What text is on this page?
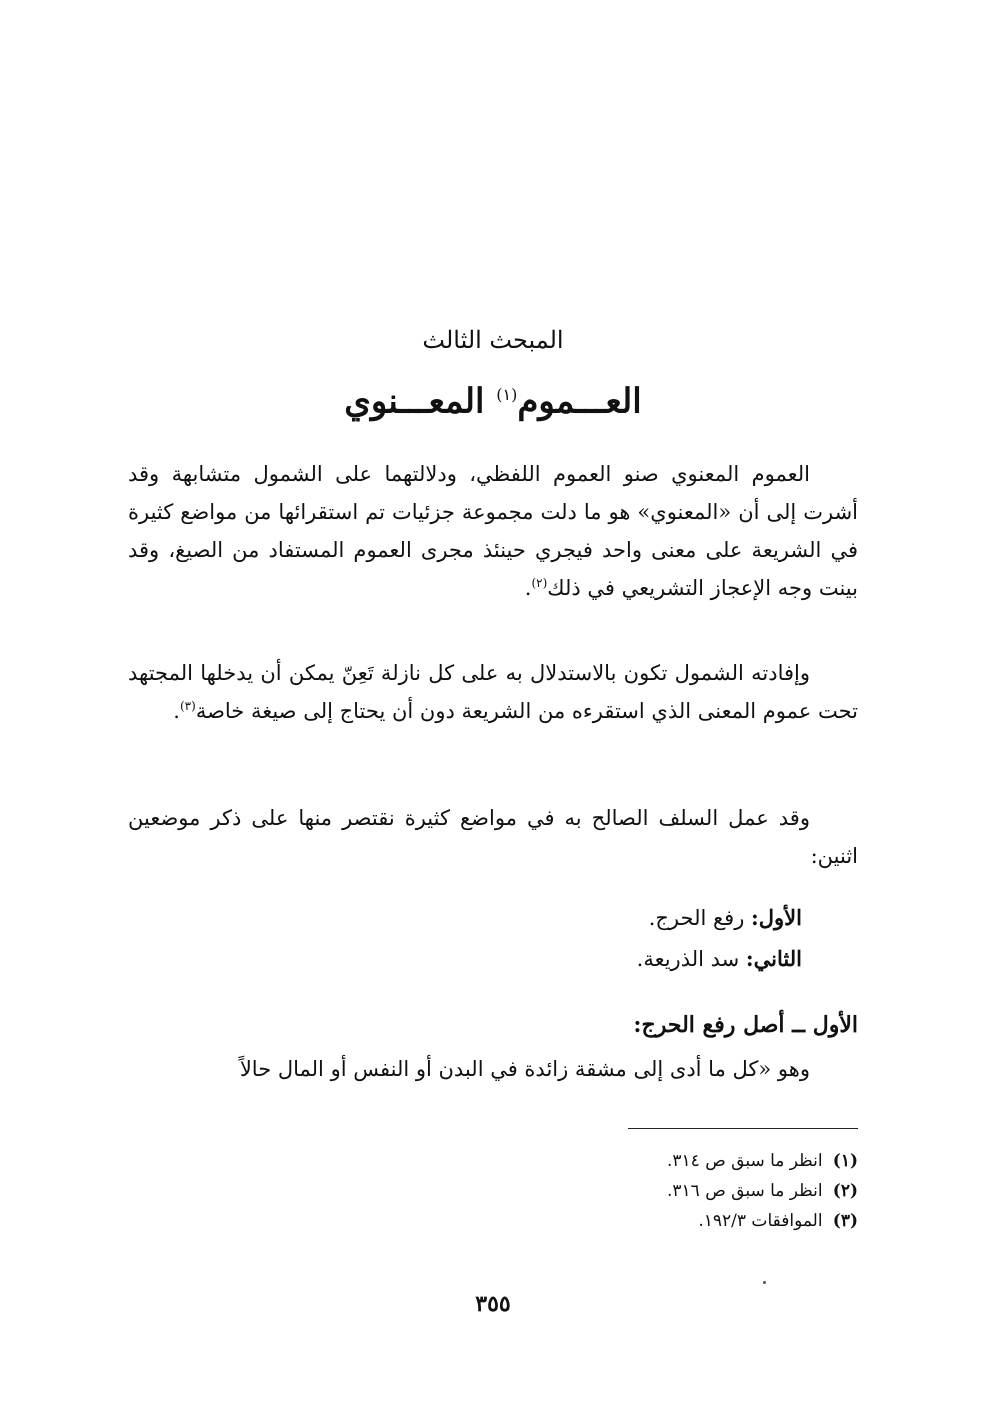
المبحث الثالث
العـــموم$^{(١)}$ المعـــنوي

العموم المعنوي صنو العموم اللفظي، ودلالتهما على الشمول متشابهة وقد أشرت إلى أن «المعنوي» هو ما دلت مجموعة جزئيات تم استقرائها من مواضع كثيرة في الشريعة على معنى واحد فيجري حينئذ مجرى العموم المستفاد من الصيغ، وقد بينت وجه الإعجاز التشريعي في ذلك$^{(٢)}$.

وإفادته الشمول تكون بالاستدلال به على كل نازلة تَعِنّ يمكن أن يدخلها المجتهد تحت عموم المعنى الذي استقرءه من الشريعة دون أن يحتاج إلى صيغة خاصة$^{(٣)}$.

وقد عمل السلف الصالح به في مواضع كثيرة نقتصر منها على ذكر موضعين اثنين:

الأول: رفع الحرج.
الثاني: سد الذريعة.
الأول ــ أصل رفع الحرج:

وهو «كل ما أدى إلى مشقة زائدة في البدن أو النفس أو المال حالاً

(١) انظر ما سبق ص ٣١٤.
(٢) انظر ما سبق ص ٣١٦.
(٣) الموافقات ١٩٢/٣.
٣٥٥
